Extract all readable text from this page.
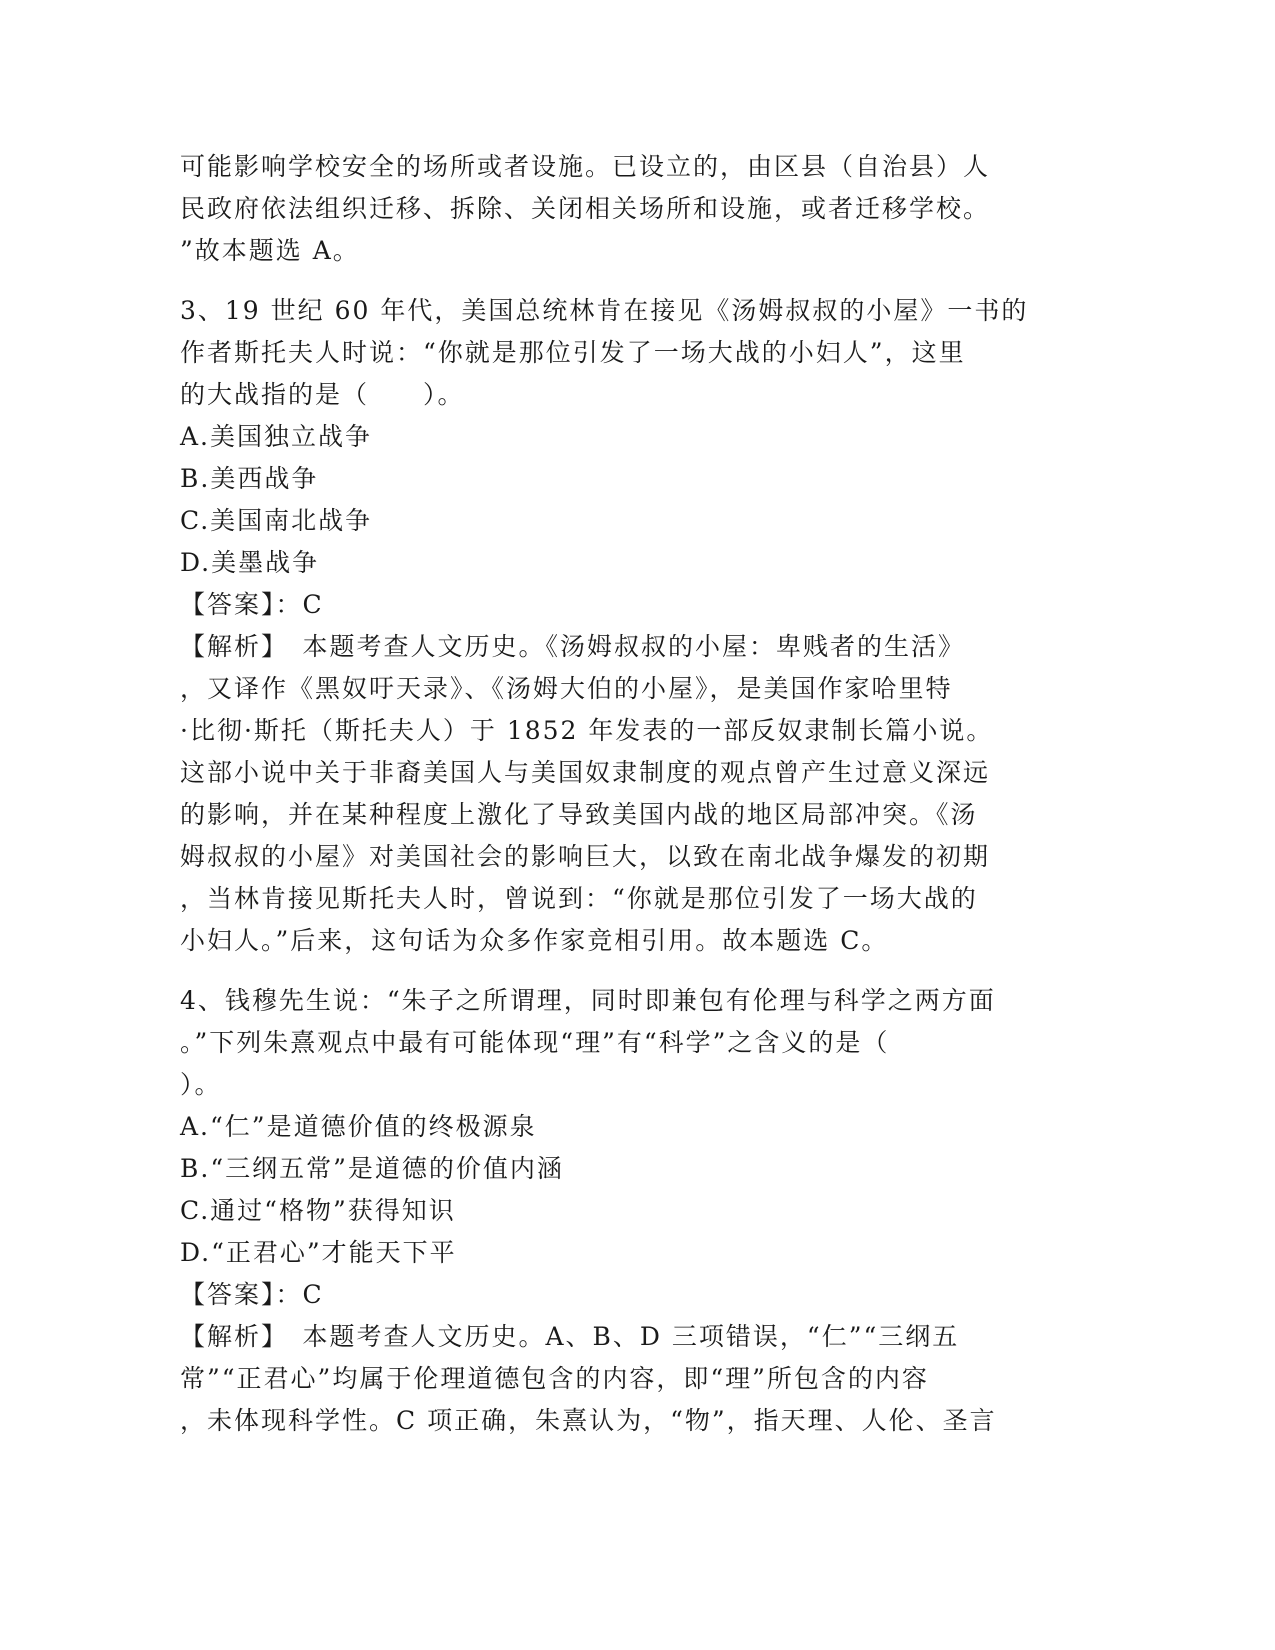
可能影响学校安全的场所或者设施。已设立的，由区县（自治县）人
民政府依法组织迁移、拆除、关闭相关场所和设施，或者迁移学校。
”故本题选 A。
3、19 世纪 60 年代，美国总统林肯在接见《汤姆叔叔的小屋》一书的
作者斯托夫人时说：“你就是那位引发了一场大战的小妇人”，这里
的大战指的是（　　）。
A.美国独立战争
B.美西战争
C.美国南北战争
D.美墨战争
【答案】：C
【解析】　本题考查人文历史。《汤姆叔叔的小屋：卑贱者的生活》
，又译作《黑奴吁天录》、《汤姆大伯的小屋》，是美国作家哈里特
·比彻·斯托（斯托夫人）于 1852 年发表的一部反奴隶制长篇小说。
这部小说中关于非裔美国人与美国奴隶制度的观点曾产生过意义深远
的影响，并在某种程度上激化了导致美国内战的地区局部冲突。《汤
姆叔叔的小屋》对美国社会的影响巨大，以致在南北战争爆发的初期
，当林肯接见斯托夫人时，曾说到：“你就是那位引发了一场大战的
小妇人。”后来，这句话为众多作家竞相引用。故本题选 C。
4、钱穆先生说：“朱子之所谓理，同时即兼包有伦理与科学之两方面
。”下列朱熹观点中最有可能体现“理”有“科学”之含义的是（
）。
A.“仁”是道德价值的终极源泉
B.“三纲五常”是道德的价值内涵
C.通过“格物”获得知识
D.“正君心”才能天下平
【答案】：C
【解析】　本题考查人文历史。A、B、D 三项错误，“仁”“三纲五
常”“正君心”均属于伦理道德包含的内容，即“理”所包含的内容
，未体现科学性。C 项正确，朱熹认为，“物”，指天理、人伦、圣言
